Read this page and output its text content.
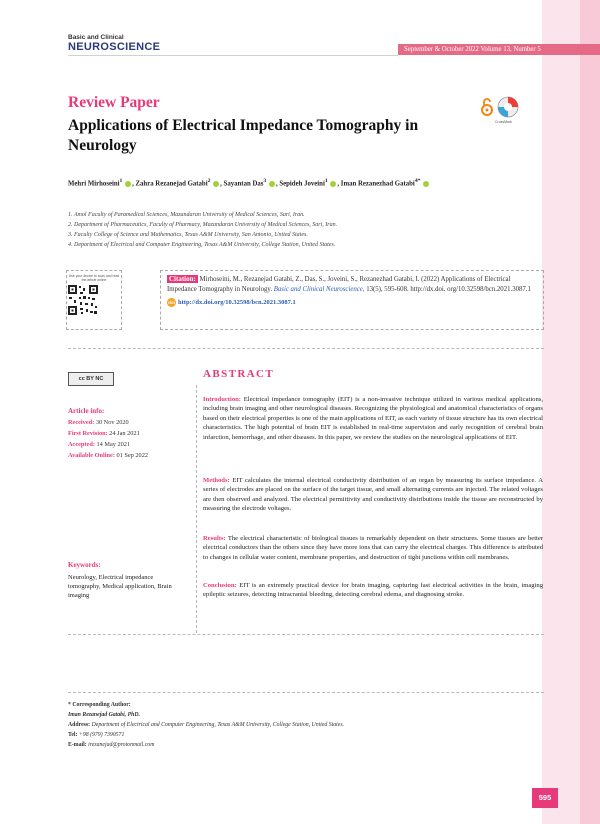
Basic and Clinical
NEUROSCIENCE	September & October 2022 Volume 13, Number 5
Review Paper
Applications of Electrical Impedance Tomography in Neurology
CrossMark
Mehri Mirhoseini$^1$ , Zahra Rezanejad Gatabi$^2$ , Sayantan Das$^3$ , Sepideh Joveini$^1$ , Iman Rezanezhad Gatabi$^{4*}$
1. Amol Faculty of Paramedical Sciences, Mazandaran University of Medical Sciences, Sari, Iran.
2. Department of Pharmaceutics, Faculty of Pharmacy, Mazandaran University of Medical Sciences, Sari, Iran.
3. Faculty College of Science and Mathematics, Texas A&M University, San Antonio, United States.
4. Department of Electrical and Computer Engineering, Texas A&M University, College Station, United States.
Use your device to scan and read the article online	Citation: Mirhoseini, M., Rezanejad Gatabi, Z., Das, S., Joveini, S., Rezanezhad Gatabi, I. (2022) Applications of Electrical Impedance Tomography in Neurology. Basic and Clinical Neuroscience, 13(5), 595-608. http://dx.doi. org/10.32598/bcn.2021.3087.1
doi http://dx.doi.org/10.32598/bcn.2021.3087.1
cc BY NC
Article info:
Received: 30 Nov 2020
First Revision: 24 Jan 2021
Accepted: 14 May 2021
Available Online: 01 Sep 2022
Keywords:
Neurology, Electrical impedance tomography, Medical application, Brain imaging
ABSTRACT
Introduction: Electrical impedance tomography (EIT) is a non-invasive technique utilized in various medical applications, including brain imaging and other neurological diseases. Recognizing the physiological and anatomical characteristics of organs based on their electrical properties is one of the main applications of EIT, as each variety of tissue structure has its own electrical characteristics. The high potential of brain EIT is established in real-time supervision and early recognition of cerebral brain infarction, hemorrhage, and other diseases. In this paper, we review the studies on the neurological applications of EIT.
Methods: EIT calculates the internal electrical conductivity distribution of an organ by measuring its surface impedance. A series of electrodes are placed on the surface of the target tissue, and small alternating currents are injected. The related voltages are then observed and analyzed. The electrical permittivity and conductivity distributions inside the tissue are reconstructed by measuring the electrode voltages.
Results: The electrical characteristic of biological tissues is remarkably dependent on their structures. Some tissues are better electrical conductors than the others since they have more ions that can carry the electrical charges. This difference is attributed to changes in cellular water content, membrane properties, and destruction of tight junctions within cell membranes.
Conclusion: EIT is an extremely practical device for brain imaging, capturing fast electrical activities in the brain, imaging epileptic seizures, detecting intracranial bleeding, detecting cerebral edema, and diagnosing stroke.
* Corresponding Author:
Iman Rezanejad Gatabi, PhD.
Address: Department of Electrical and Computer Engineering, Texas A&M University, College Station, United States.
Tel: +98 (979) 7390571
E-mail: irezanejad@protonmail.com
595
